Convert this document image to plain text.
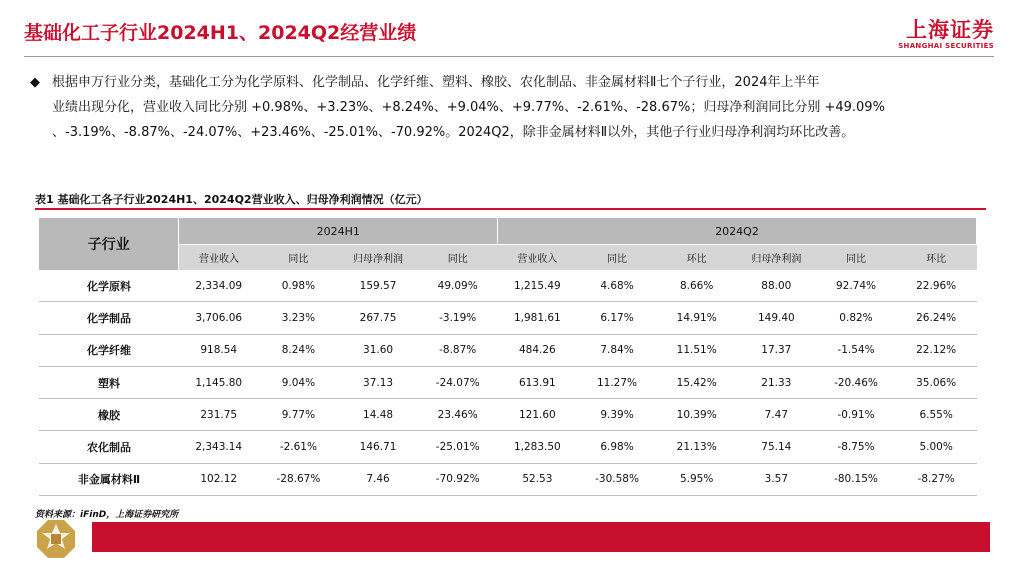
基础化工子行业2024H1、2024Q2经营业绩	上海证券
SHANGHAI SECURITIES
◆ 根据申万行业分类，基础化工分为化学原料、化学制品、化学纤维、塑料、橡胶、农化制品、非金属材料Ⅱ七个子行业，2024年上半年
业绩出现分化，营业收入同比分别 +0.98%、+3.23%、+8.24%、+9.04%、+9.77%、-2.61%、-28.67%；归母净利润同比分别 +49.09%
、-3.19%、-8.87%、-24.07%、+23.46%、-25.01%、-70.92%。2024Q2，除非金属材料Ⅱ以外，其他子行业归母净利润均环比改善。
表1 基础化工各子行业2024H1、2024Q2营业收入、归母净利润情况（亿元）
子行业	2024H1				2024Q2					
	营业收入	同比	归母净利润	同比	营业收入	同比	环比	归母净利润	同比	环比
化学原料	2,334.09	0.98%	159.57	49.09%	1,215.49	4.68%	8.66%	88.00	92.74%	22.96%
化学制品	3,706.06	3.23%	267.75	-3.19%	1,981.61	6.17%	14.91%	149.40	0.82%	26.24%
化学纤维	918.54	8.24%	31.60	-8.87%	484.26	7.84%	11.51%	17.37	-1.54%	22.12%
塑料	1,145.80	9.04%	37.13	-24.07%	613.91	11.27%	15.42%	21.33	-20.46%	35.06%
橡胶	231.75	9.77%	14.48	23.46%	121.60	9.39%	10.39%	7.47	-0.91%	6.55%
农化制品	2,343.14	-2.61%	146.71	-25.01%	1,283.50	6.98%	21.13%	75.14	-8.75%	5.00%
非金属材料Ⅱ	102.12	-28.67%	7.46	-70.92%	52.53	-30.58%	5.95%	3.57	-80.15%	-8.27%
资料来源：iFinD，上海证券研究所
4
